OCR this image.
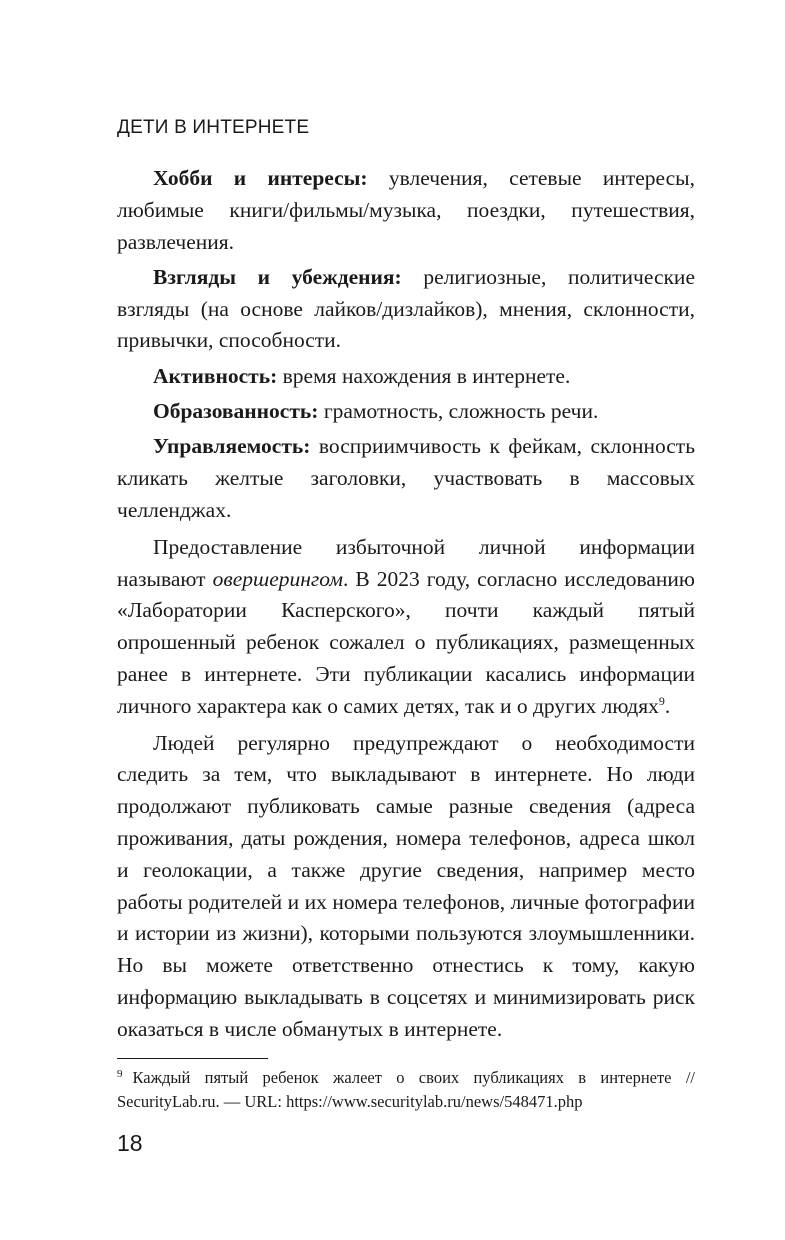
ДЕТИ В ИНТЕРНЕТЕ

Хобби и интересы: увлечения, сетевые интересы, любимые книги/фильмы/музыка, поездки, путешествия, развлечения.

Взгляды и убеждения: религиозные, политические взгляды (на основе лайков/дизлайков), мнения, склонности, привычки, способности.

Активность: время нахождения в интернете.

Образованность: грамотность, сложность речи.

Управляемость: восприимчивость к фейкам, склонность кликать желтые заголовки, участвовать в массовых челленджах.

Предоставление избыточной личной информации называют овершерингом. В 2023 году, согласно исследованию «Лаборатории Касперского», почти каждый пятый опрошенный ребенок сожалел о публикациях, размещенных ранее в интернете. Эти публикации касались информации личного характера как о самих детях, так и о других людях$^9$.

Людей регулярно предупреждают о необходимости следить за тем, что выкладывают в интернете. Но люди продолжают публиковать самые разные сведения (адреса проживания, даты рождения, номера телефонов, адреса школ и геолокации, а также другие сведения, например место работы родителей и их номера телефонов, личные фотографии и истории из жизни), которыми пользуются злоумышленники. Но вы можете ответственно отнестись к тому, какую информацию выкладывать в соцсетях и минимизировать риск оказаться в числе обманутых в интернете.

$^9$ Каждый пятый ребенок жалеет о своих публикациях в интернете //
SecurityLab.ru. — URL: https://www.securitylab.ru/news/548471.php
18
